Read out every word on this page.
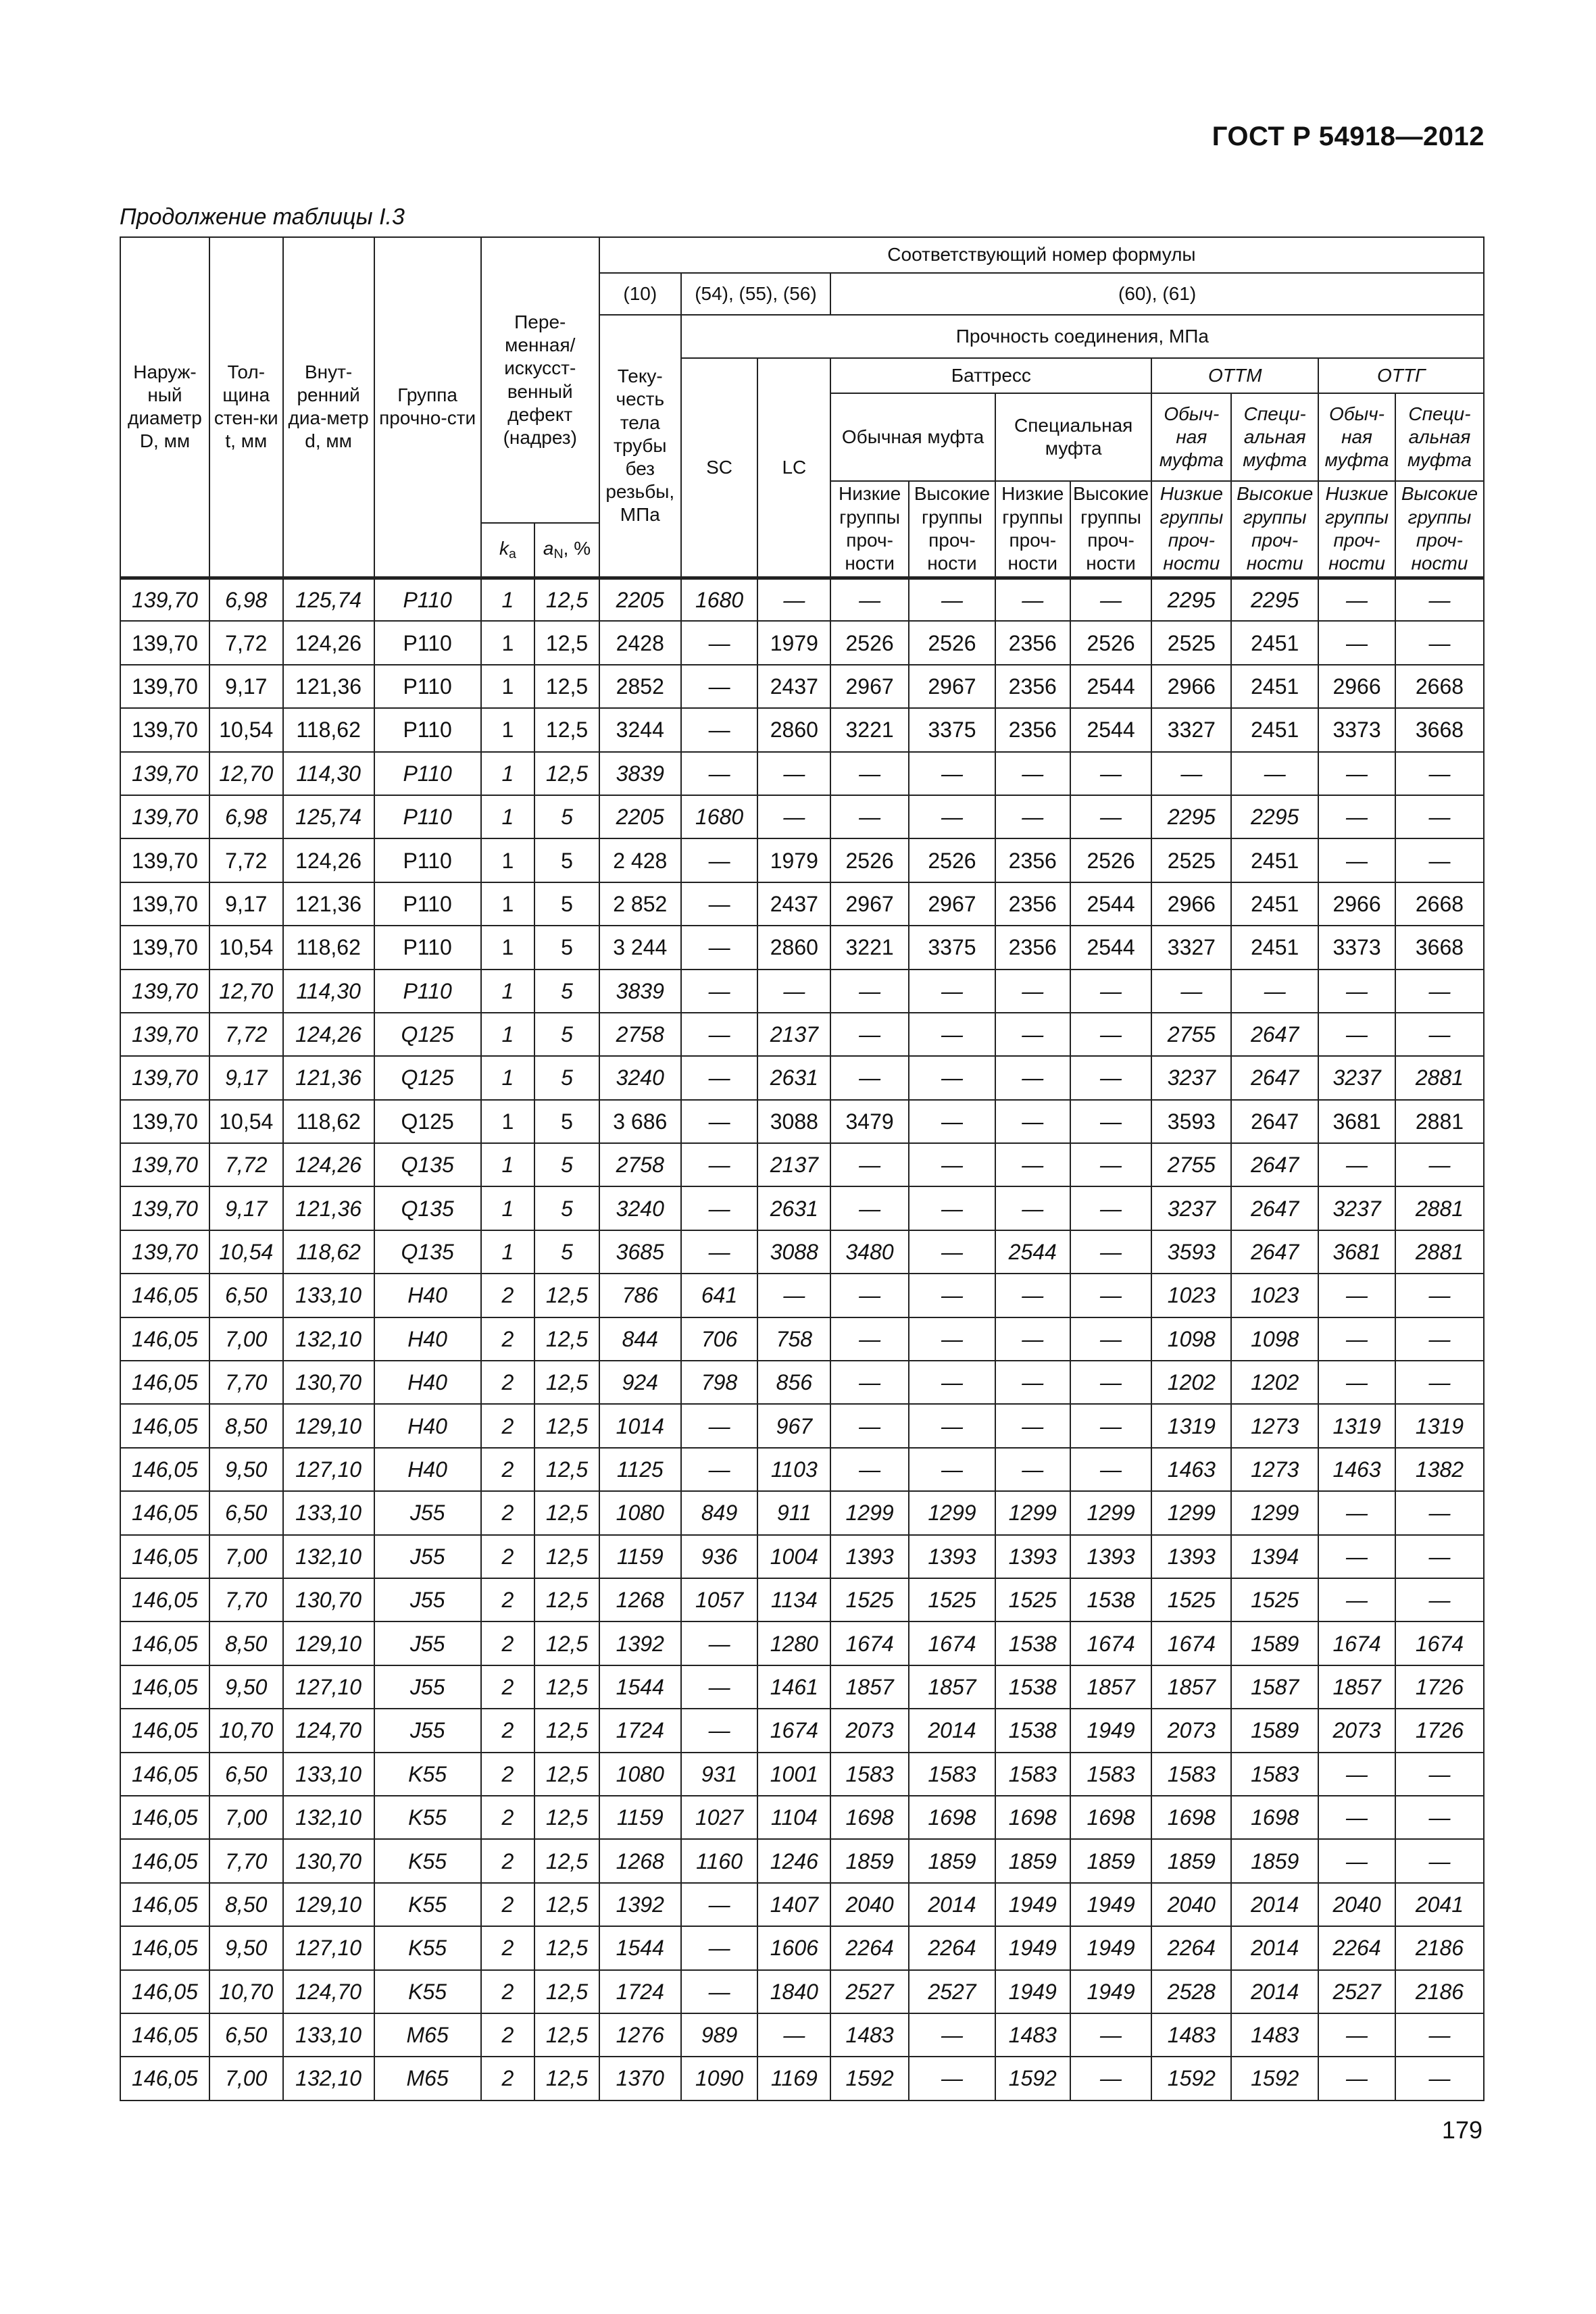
ГОСТ Р 54918—2012
Продолжение таблицы I.3
Наруж-ный диаметр D, мм	Тол-щина стен-ки t, мм	Внут-ренний диа-метр d, мм	Группа прочно-сти	Пере-менная/ искусст-венный дефект (надрез)		Соответствующий номер формулы										
						(10)	(54), (55), (56)		(60), (61)							
						Теку-честь тела трубы без резьбы, МПа	Прочность соединения, МПа									
							SC	LC	Баттресс				ОТТМ		ОТТГ	
									Обычная муфта		Специальная муфта		Обыч-ная муфта	Специ-альная муфта	Обыч-ная муфта	Специ-альная муфта
									Низкие группы проч-ности	Высокие группы проч-ности	Низкие группы проч-ности	Высокие группы проч-ности	Низкие группы проч-ности	Высокие группы проч-ности	Низкие группы проч-ности	Высокие группы проч-ности
				$k_a$	$a_N$, %											
139,70	6,98	125,74	P110	1	12,5	2205	1680	—	—	—	—	—	2295	2295	—	—
139,70	7,72	124,26	P110	1	12,5	2428	—	1979	2526	2526	2356	2526	2525	2451	—	—
139,70	9,17	121,36	P110	1	12,5	2852	—	2437	2967	2967	2356	2544	2966	2451	2966	2668
139,70	10,54	118,62	P110	1	12,5	3244	—	2860	3221	3375	2356	2544	3327	2451	3373	3668
139,70	12,70	114,30	P110	1	12,5	3839	—	—	—	—	—	—	—	—	—	—
139,70	6,98	125,74	P110	1	5	2205	1680	—	—	—	—	—	2295	2295	—	—
139,70	7,72	124,26	P110	1	5	2 428	—	1979	2526	2526	2356	2526	2525	2451	—	—
139,70	9,17	121,36	P110	1	5	2 852	—	2437	2967	2967	2356	2544	2966	2451	2966	2668
139,70	10,54	118,62	P110	1	5	3 244	—	2860	3221	3375	2356	2544	3327	2451	3373	3668
139,70	12,70	114,30	P110	1	5	3839	—	—	—	—	—	—	—	—	—	—
139,70	7,72	124,26	Q125	1	5	2758	—	2137	—	—	—	—	2755	2647	—	—
139,70	9,17	121,36	Q125	1	5	3240	—	2631	—	—	—	—	3237	2647	3237	2881
139,70	10,54	118,62	Q125	1	5	3 686	—	3088	3479	—	—	—	3593	2647	3681	2881
139,70	7,72	124,26	Q135	1	5	2758	—	2137	—	—	—	—	2755	2647	—	—
139,70	9,17	121,36	Q135	1	5	3240	—	2631	—	—	—	—	3237	2647	3237	2881
139,70	10,54	118,62	Q135	1	5	3685	—	3088	3480	—	2544	—	3593	2647	3681	2881
146,05	6,50	133,10	H40	2	12,5	786	641	—	—	—	—	—	1023	1023	—	—
146,05	7,00	132,10	H40	2	12,5	844	706	758	—	—	—	—	1098	1098	—	—
146,05	7,70	130,70	H40	2	12,5	924	798	856	—	—	—	—	1202	1202	—	—
146,05	8,50	129,10	H40	2	12,5	1014	—	967	—	—	—	—	1319	1273	1319	1319
146,05	9,50	127,10	H40	2	12,5	1125	—	1103	—	—	—	—	1463	1273	1463	1382
146,05	6,50	133,10	J55	2	12,5	1080	849	911	1299	1299	1299	1299	1299	1299	—	—
146,05	7,00	132,10	J55	2	12,5	1159	936	1004	1393	1393	1393	1393	1393	1394	—	—
146,05	7,70	130,70	J55	2	12,5	1268	1057	1134	1525	1525	1525	1538	1525	1525	—	—
146,05	8,50	129,10	J55	2	12,5	1392	—	1280	1674	1674	1538	1674	1674	1589	1674	1674
146,05	9,50	127,10	J55	2	12,5	1544	—	1461	1857	1857	1538	1857	1857	1587	1857	1726
146,05	10,70	124,70	J55	2	12,5	1724	—	1674	2073	2014	1538	1949	2073	1589	2073	1726
146,05	6,50	133,10	K55	2	12,5	1080	931	1001	1583	1583	1583	1583	1583	1583	—	—
146,05	7,00	132,10	K55	2	12,5	1159	1027	1104	1698	1698	1698	1698	1698	1698	—	—
146,05	7,70	130,70	K55	2	12,5	1268	1160	1246	1859	1859	1859	1859	1859	1859	—	—
146,05	8,50	129,10	K55	2	12,5	1392	—	1407	2040	2014	1949	1949	2040	2014	2040	2041
146,05	9,50	127,10	K55	2	12,5	1544	—	1606	2264	2264	1949	1949	2264	2014	2264	2186
146,05	10,70	124,70	K55	2	12,5	1724	—	1840	2527	2527	1949	1949	2528	2014	2527	2186
146,05	6,50	133,10	M65	2	12,5	1276	989	—	1483	—	1483	—	1483	1483	—	—
146,05	7,00	132,10	M65	2	12,5	1370	1090	1169	1592	—	1592	—	1592	1592	—	—
179
